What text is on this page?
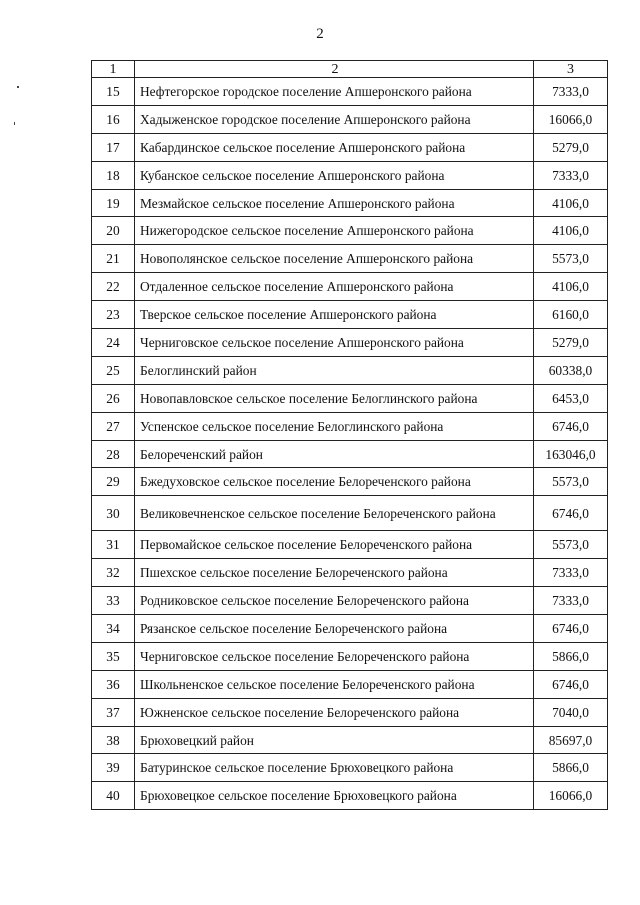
2
1	2	3
15	Нефтегорское городское поселение Апшеронского района	7333,0
16	Хадыженское городское поселение Апшеронского района	16066,0
17	Кабардинское сельское поселение Апшеронского района	5279,0
18	Кубанское сельское поселение Апшеронского района	7333,0
19	Мезмайское сельское поселение Апшеронского района	4106,0
20	Нижегородское сельское поселение Апшеронского района	4106,0
21	Новополянское сельское поселение Апшеронского района	5573,0
22	Отдаленное сельское поселение Апшеронского района	4106,0
23	Тверское сельское поселение Апшеронского района	6160,0
24	Черниговское сельское поселение Апшеронского района	5279,0
25	Белоглинский район	60338,0
26	Новопавловское сельское поселение Белоглинского района	6453,0
27	Успенское сельское поселение Белоглинского района	6746,0
28	Белореченский район	163046,0
29	Бжедуховское сельское поселение Белореченского района	5573,0
30	Великовечненское сельское поселение Белореченского района	6746,0
31	Первомайское сельское поселение Белореченского района	5573,0
32	Пшехское сельское поселение Белореченского района	7333,0
33	Родниковское сельское поселение Белореченского района	7333,0
34	Рязанское сельское поселение Белореченского района	6746,0
35	Черниговское сельское поселение Белореченского района	5866,0
36	Школьненское сельское поселение Белореченского района	6746,0
37	Южненское сельское поселение Белореченского района	7040,0
38	Брюховецкий район	85697,0
39	Батуринское сельское поселение Брюховецкого района	5866,0
40	Брюховецкое сельское поселение Брюховецкого района	16066,0
